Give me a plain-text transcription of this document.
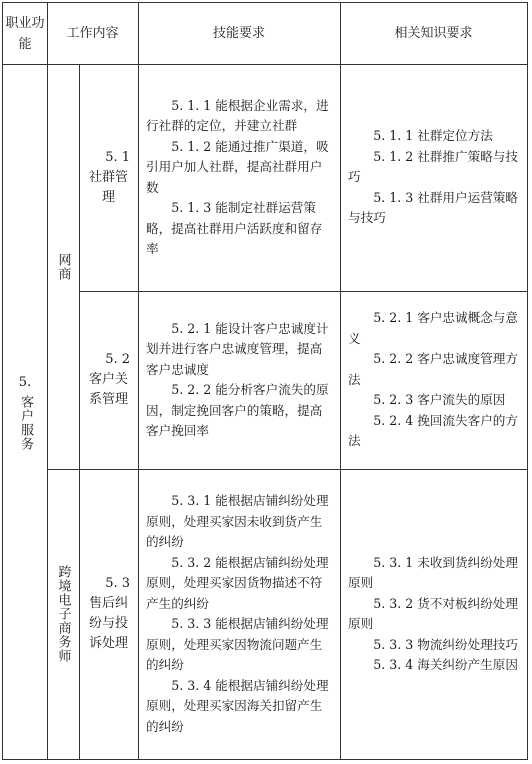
职业功能
工作内容	技能要求	相关知识要求
5.
客户服务
网商
跨境电子商务师
5. 1
社群管理
5. 2
客户关系管理
5. 3
售后纠纷与投诉处理

5. 1. 1 能根据企业需求，进行社群的定位，并建立社群

5. 1. 2 能通过推广渠道，吸引用户加人社群，提高社群用户数

5. 1. 3 能制定社群运营策略，提高社群用户活跃度和留存率

5. 2. 1 能设计客户忠诚度计划并进行客户忠诚度管理，提高客户忠诚度

5. 2. 2 能分析客户流失的原因，制定挽回客户的策略，提高客户挽回率

5. 3. 1 能根据店铺纠纷处理原则，处理买家因未收到货产生的纠纷

5. 3. 2 能根据店铺纠纷处理原则，处理买家因货物描述不符产生的纠纷

5. 3. 3 能根据店铺纠纷处理原则，处理买家因物流问题产生的纠纷

5. 3. 4 能根据店铺纠纷处理原则，处理买家因海关扣留产生的纠纷

5. 1. 1 社群定位方法

5. 1. 2 社群推广策略与技巧

5. 1. 3 社群用户运营策略与技巧

5. 2. 1 客户忠诚概念与意义

5. 2. 2 客户忠诚度管理方法

5. 2. 3 客户流失的原因

5. 2. 4 挽回流失客户的方法

5. 3. 1 未收到货纠纷处理原则

5. 3. 2 货不对板纠纷处理原则

5. 3. 3 物流纠纷处理技巧

5. 3. 4 海关纠纷产生原因
